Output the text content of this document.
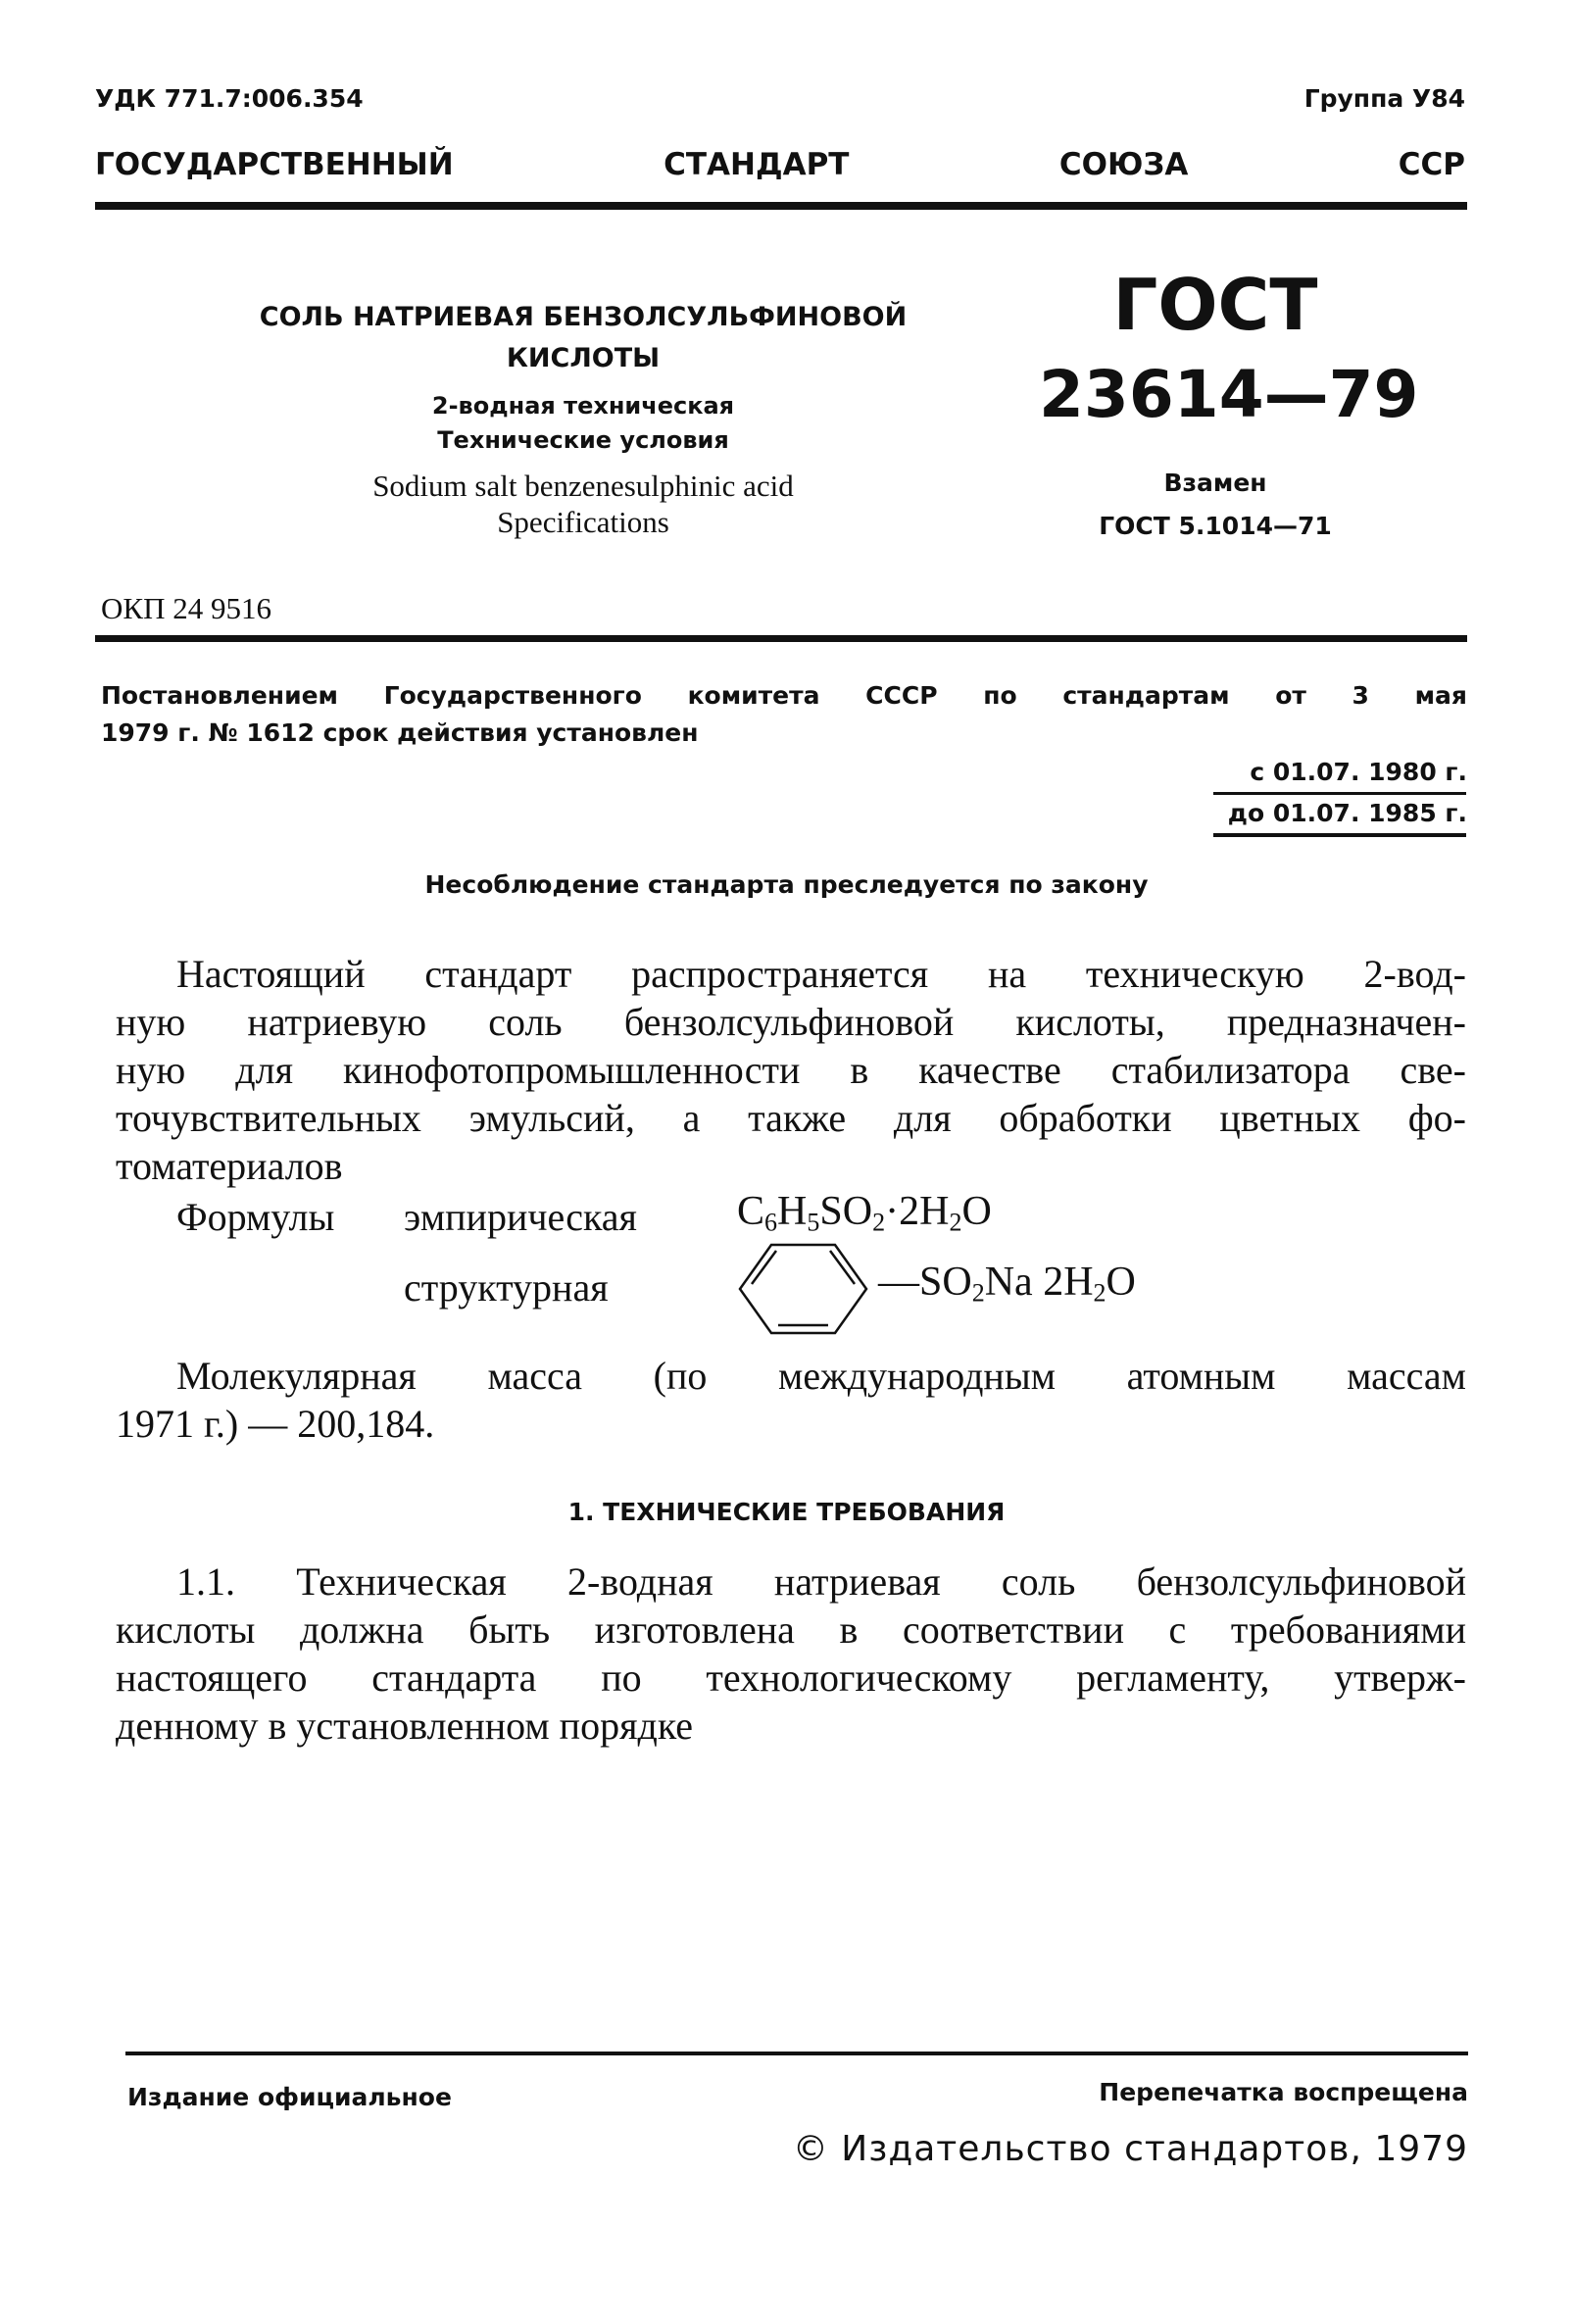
УДК 771.7:006.354	Группа У84
ГОСУДАРСТВЕННЫЙ СТАНДАРТ СОЮЗА ССР
СОЛЬ НАТРИЕВАЯ БЕНЗОЛСУЛЬФИНОВОЙ
КИСЛОТЫ
2-водная техническая
Технические условия
Sodium salt benzenesulphinic acid
Specifications
ГОСТ
23614—79
Взамен
ГОСТ 5.1014—71
ОКП 24 9516
Постановлением Государственного комитета СССР по стандартам от 3 мая
1979 г. № 1612 срок действия установлен
с 01.07. 1980 г.
до 01.07. 1985 г.
Несоблюдение стандарта преследуется по закону
Настоящий стандарт распространяется на техническую 2-вод-
ную натриевую соль бензолсульфиновой кислоты, предназначен-
ную для кинофотопромышленности в качестве стабилизатора све-
точувствительных эмульсий, а также для обработки цветных фо-
томатериалов
Формулы эмпирическая $C_6H_5SO_2\cdot 2H_2O$
структурная	$—SO_2Na$ $2H_2O$
Молекулярная масса (по международным атомным массам
1971 г.) — 200,184.
1. ТЕХНИЧЕСКИЕ ТРЕБОВАНИЯ
1.1. Техническая 2-водная натриевая соль бензолсульфиновой
кислоты должна быть изготовлена в соответствии с требованиями
настоящего стандарта по технологическому регламенту, утверж-
денному в установленном порядке
Издание официальное	Перепечатка воспрещена
© Издательство стандартов, 1979
